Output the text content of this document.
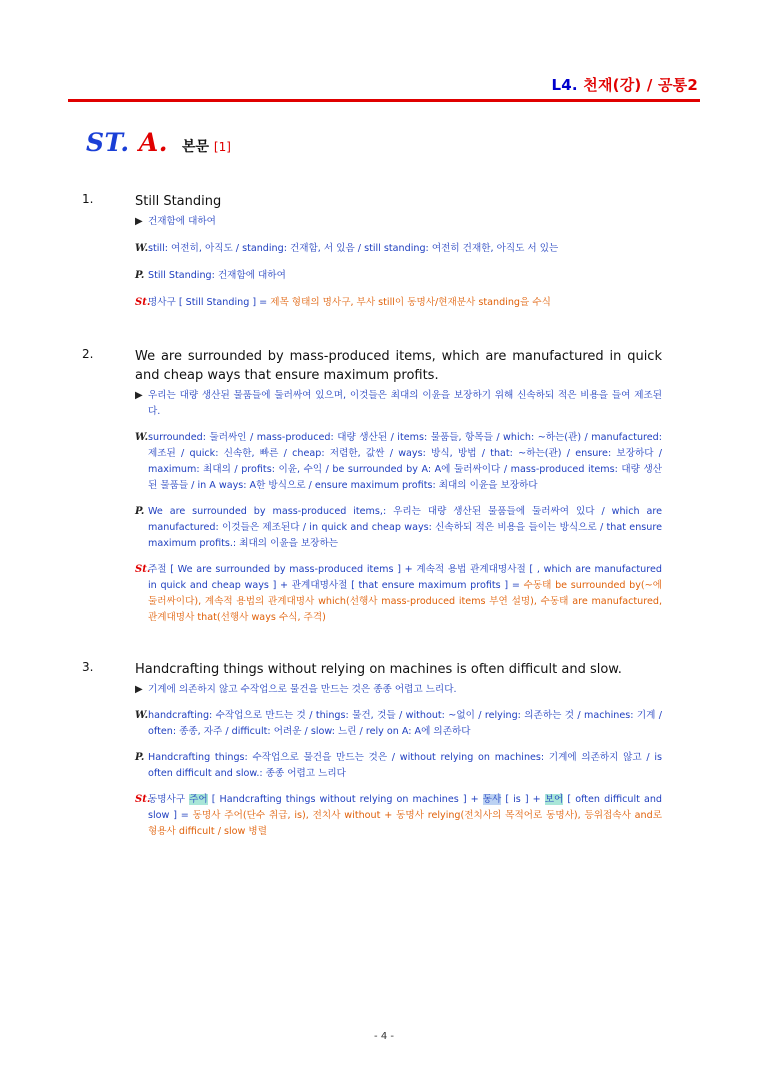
L4. 천재(강) / 공통2
ST. A. 본문 [1]
1.	Still Standing
▶ 건재함에 대하여
W. still: 여전히, 아직도 / standing: 건재함, 서 있음 / still standing: 여전히 건재한, 아직도 서 있는
P. Still Standing: 건재함에 대하여
St.
명사구 [ Still Standing ] = 제목 형태의 명사구, 부사 still이 동명사/현재분사 standing을 수식
2.	We are surrounded by mass-produced items, which are manufactured in quick and cheap ways that ensure maximum profits.
▶ 우리는 대량 생산된 물품들에 둘러싸여 있으며, 이것들은 최대의 이윤을 보장하기 위해 신속하되 적은 비용을 들여 제조된다.
W. surrounded: 둘러싸인 / mass-produced: 대량 생산된 / items: 물품들, 항목들 / which: ~하는(관) / manufactured: 제조된 / quick: 신속한, 빠른 / cheap: 저렴한, 값싼 / ways: 방식, 방법 / that: ~하는(관) / ensure: 보장하다 / maximum: 최대의 / profits: 이윤, 수익 / be surrounded by A: A에 둘러싸이다 / mass-produced items: 대량 생산된 물품들 / in A ways: A한 방식으로 / ensure maximum profits: 최대의 이윤을 보장하다
P. We are surrounded by mass-produced items,: 우리는 대량 생산된 물품들에 둘러싸여 있다 / which are manufactured: 이것들은 제조된다 / in quick and cheap ways: 신속하되 적은 비용을 들이는 방식으로 / that ensure maximum profits.: 최대의 이윤을 보장하는
St.
주절 [ We are surrounded by mass-produced items ] + 계속적 용법 관계대명사절 [ , which are manufactured in quick and cheap ways ] + 관계대명사절 [ that ensure maximum profits ] = 수동태 be surrounded by(~에 둘러싸이다), 계속적 용법의 관계대명사 which(선행사 mass-produced items 부연 설명), 수동태 are manufactured, 관계대명사 that(선행사 ways 수식, 주격)
3.	Handcrafting things without relying on machines is often difficult and slow.
▶ 기계에 의존하지 않고 수작업으로 물건을 만드는 것은 종종 어렵고 느리다.
W. handcrafting: 수작업으로 만드는 것 / things: 물건, 것들 / without: ~없이 / relying: 의존하는 것 / machines: 기계 / often: 종종, 자주 / difficult: 어려운 / slow: 느린 / rely on A: A에 의존하다
P. Handcrafting things: 수작업으로 물건을 만드는 것은 / without relying on machines: 기계에 의존하지 않고 / is often difficult and slow.: 종종 어렵고 느리다
St.
동명사구 주어 [ Handcrafting things without relying on machines ] + 동사 [ is ] + 보어 [ often difficult and slow ] = 동명사 주어(단수 취급, is), 전치사 without + 동명사 relying(전치사의 목적어로 동명사), 등위접속사 and로 형용사 difficult / slow 병렬
- 4 -
